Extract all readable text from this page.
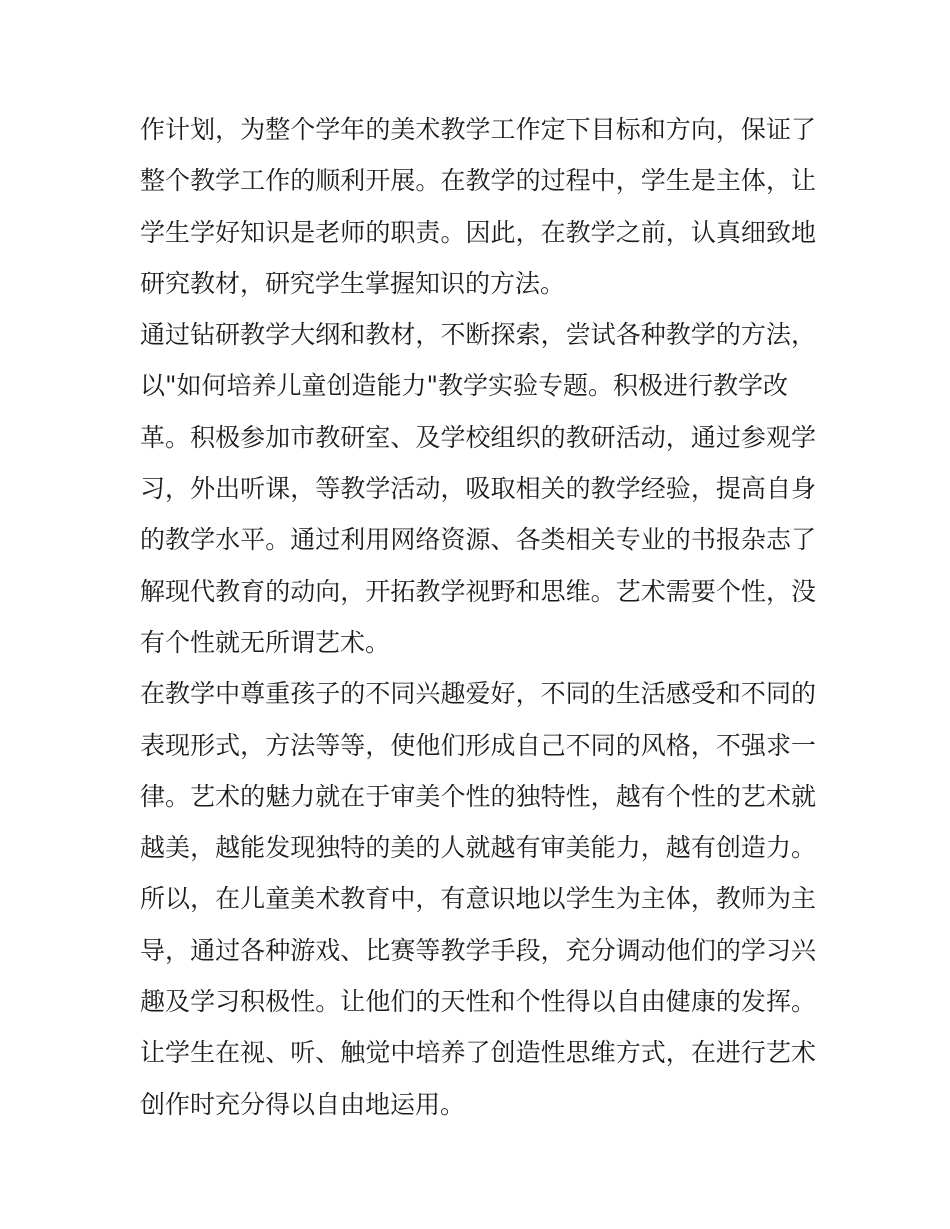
作计划，为整个学年的美术教学工作定下目标和方向，保证了
整个教学工作的顺利开展。在教学的过程中，学生是主体，让
学生学好知识是老师的职责。因此，在教学之前，认真细致地
研究教材，研究学生掌握知识的方法。
通过钻研教学大纲和教材，不断探索，尝试各种教学的方法，
以"如何培养儿童创造能力"教学实验专题。积极进行教学改
革。积极参加市教研室、及学校组织的教研活动，通过参观学
习，外出听课，等教学活动，吸取相关的教学经验，提高自身
的教学水平。通过利用网络资源、各类相关专业的书报杂志了
解现代教育的动向，开拓教学视野和思维。艺术需要个性，没
有个性就无所谓艺术。
在教学中尊重孩子的不同兴趣爱好，不同的生活感受和不同的
表现形式，方法等等，使他们形成自己不同的风格，不强求一
律。艺术的魅力就在于审美个性的独特性，越有个性的艺术就
越美，越能发现独特的美的人就越有审美能力，越有创造力。
所以，在儿童美术教育中，有意识地以学生为主体，教师为主
导，通过各种游戏、比赛等教学手段，充分调动他们的学习兴
趣及学习积极性。让他们的天性和个性得以自由健康的发挥。
让学生在视、听、触觉中培养了创造性思维方式，在进行艺术
创作时充分得以自由地运用。
